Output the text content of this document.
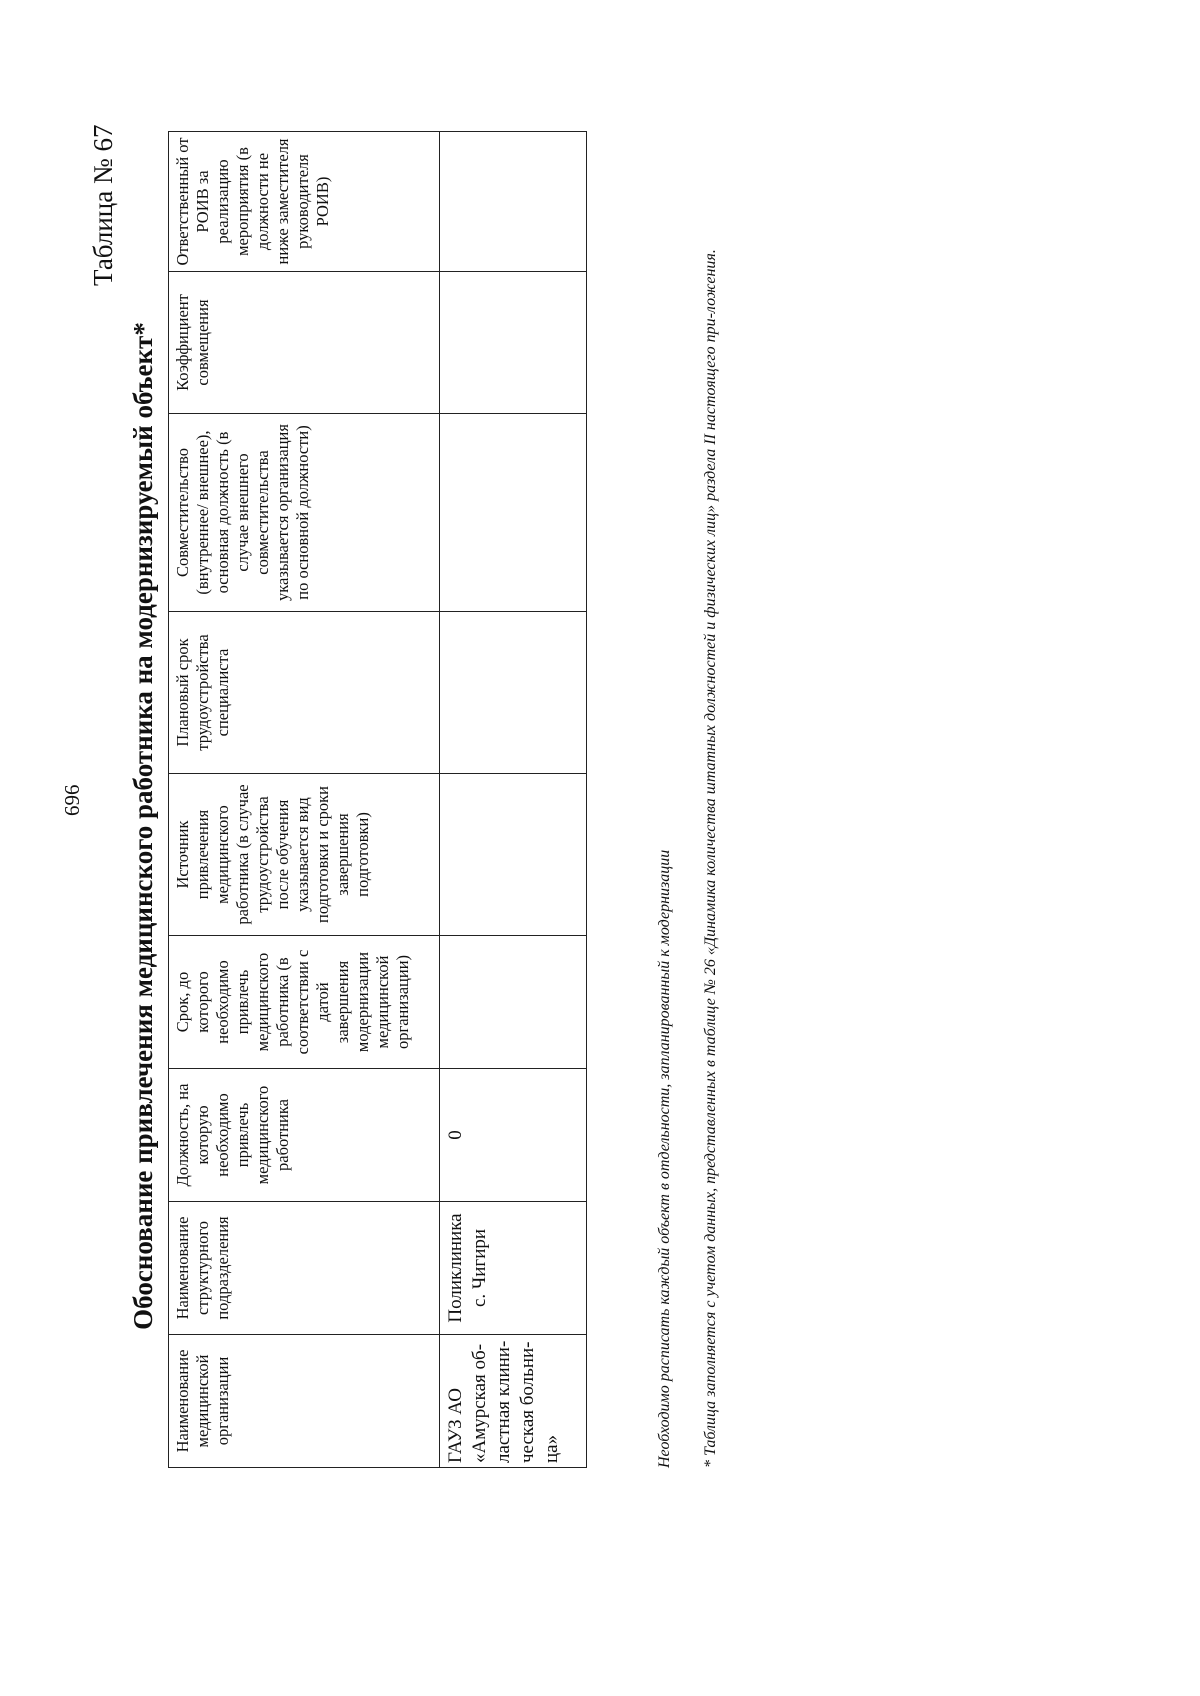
696
Таблица № 67
Обоснование привлечения медицинского работника на модернизируемый объект*
Наименование медицинской организации	Наименование структурного подразделения	Должность, на которую необходимо привлечь медицинского работника	Срок, до которого необходимо привлечь медицинского работника (в соответствии с датой завершения модернизации медицинской организации)	Источник привлечения медицинского работника (в случае трудоустройства после обучения указывается вид подготовки и сроки завершения подготовки)	Плановый срок трудоустройства специалиста	Совместительство (внутреннее/ внешнее), основная должность (в случае внешнего совместительства указывается организация по основной должности)	Коэффициент совмещения	Ответственный от РОИВ за реализацию мероприятия (в должности не ниже заместителя руководителя РОИВ)
ГАУЗ АО «Амурская об-ластная клини-ческая больни-ца»	Поликлиника с. Чигири	0							Необходимо расписать каждый объект в отдельности, запланированный к модернизации * Таблица заполняется с учетом данных, представленных в таблице № 26 «Динамика количества штатных должностей и физических лиц» раздела II настоящего при-ложения.
